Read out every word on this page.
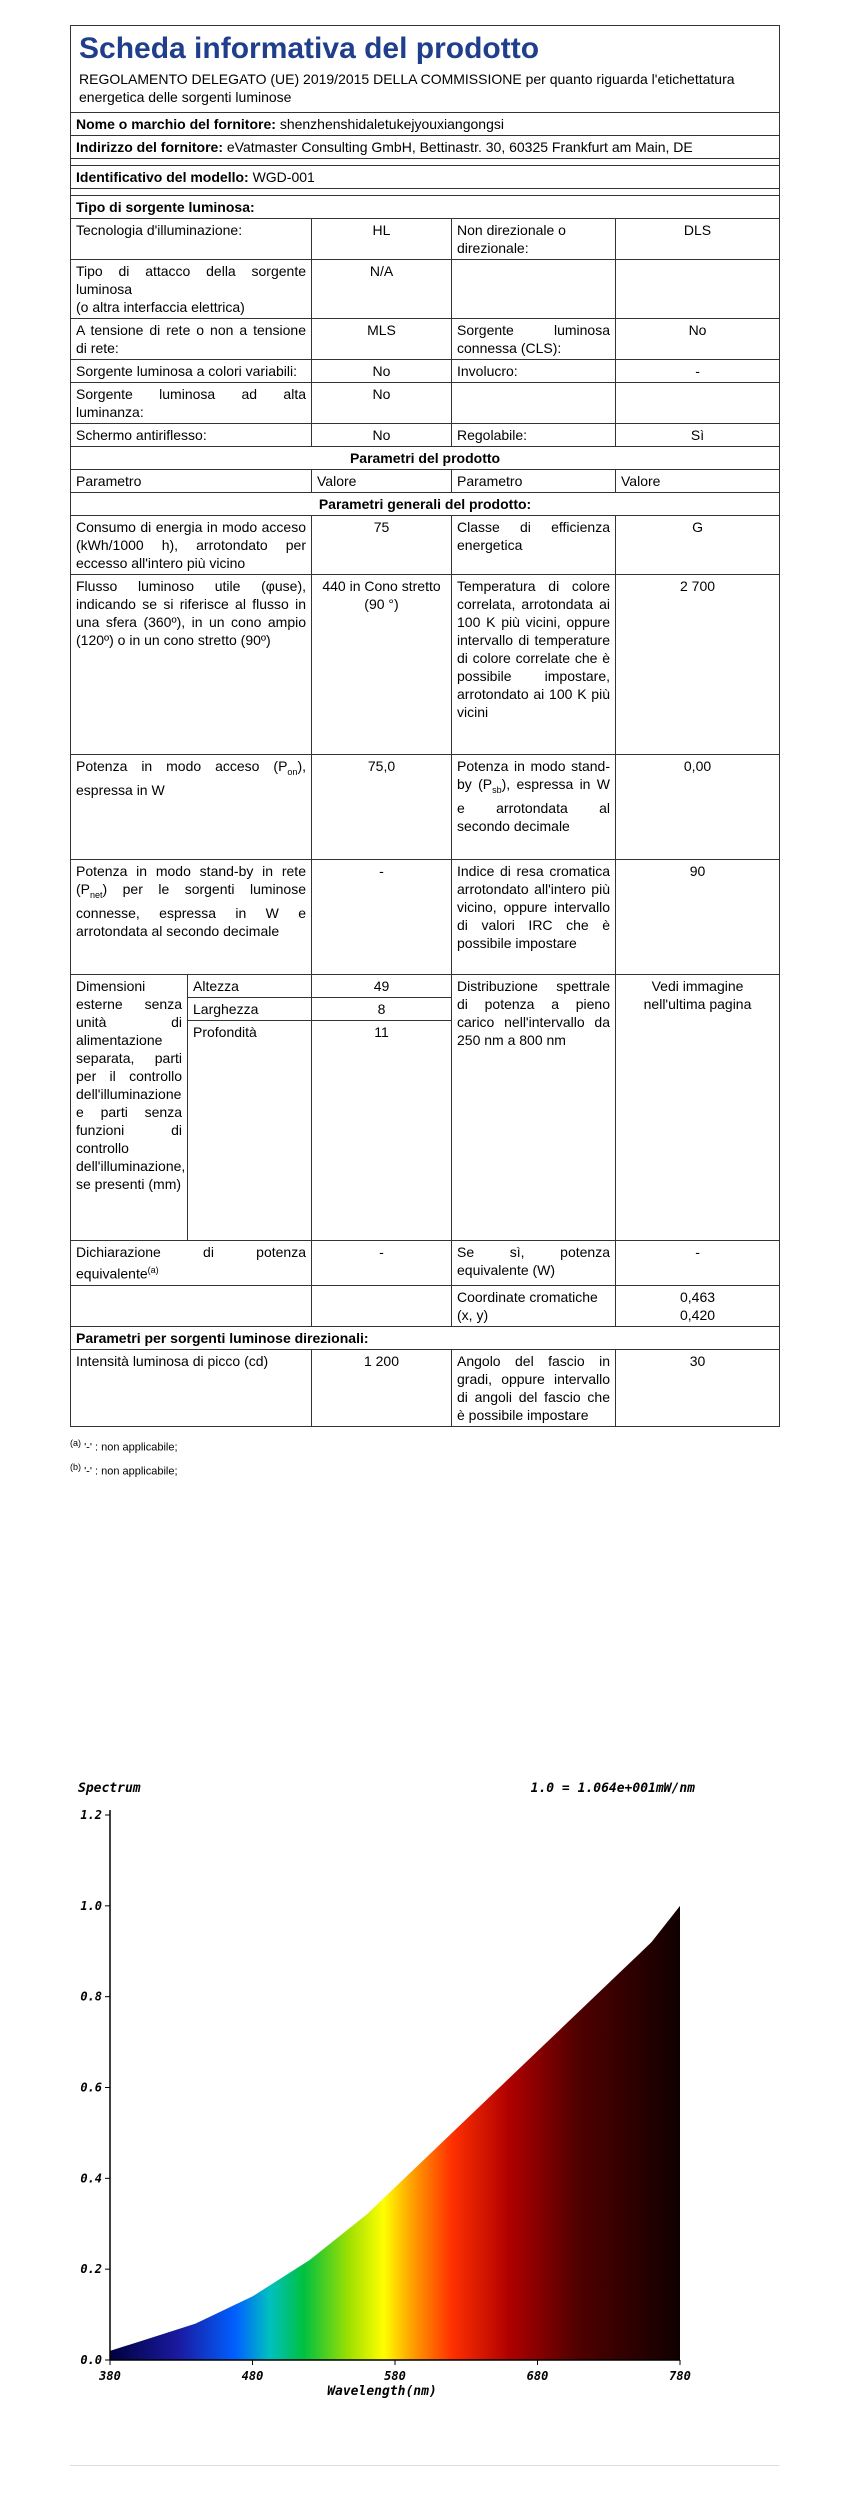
Scheda informativa del prodotto
REGOLAMENTO DELEGATO (UE) 2019/2015 DELLA COMMISSIONE per quanto riguarda l'etichettatura energetica delle sorgenti luminose				

Nome o marchio del fornitore: shenzhenshidaletukejyouxiangongsi				
Indirizzo del fornitore: eVatmaster Consulting GmbH, Bettinastr. 30, 60325 Frankfurt am Main, DE				

Identificativo del modello: WGD-001				

Tipo di sorgente luminosa:				
Tecnologia d'illuminazione:		HL	Non direzionale o direzionale:	DLS

Tipo di attacco della sorgente luminosa
(o altra interfaccia elettrica)		N/A		
A tensione di rete o non a tensione di rete:		MLS	Sorgente luminosa connessa (CLS):	No
Sorgente luminosa a colori variabili:		No	Involucro:	-
Sorgente luminosa ad alta luminanza:		No		
Schermo antiriflesso:		No	Regolabile:	Sì
Parametri del prodotto				
Parametro		Valore	Parametro	Valore
Parametri generali del prodotto:				
Consumo di energia in modo acceso (kWh/1000 h), arrotondato per eccesso all'intero più vicino		75	Classe di efficienza energetica	G
Flusso luminoso utile (φuse), indicando se si riferisce al flusso in una sfera (360º), in un cono ampio (120º) o in un cono stretto (90º)		440 in Cono stretto (90 °)	Temperatura di colore correlata, arrotondata ai 100 K più vicini, oppure intervallo di temperature di colore correlate che è possibile impostare, arrotondato ai 100 K più vicini	2 700
Potenza in modo acceso $(P_{on})$, espressa in W		75,0	Potenza in modo stand-by $(P_{sb})$, espressa in W e arrotondata al secondo decimale	0,00
Potenza in modo stand-by in rete $(P_{net})$ per le sorgenti luminose connesse, espressa in W e arrotondata al secondo decimale		-	Indice di resa cromatica arrotondato all'intero più vicino, oppure intervallo di valori IRC che è possibile impostare	90
Dimensioni esterne senza unità di alimentazione separata, parti per il controllo dell'illuminazione e parti senza funzioni di controllo dell'illuminazione, se presenti (mm)	Altezza	49	Distribuzione spettrale di potenza a pieno carico nell'intervallo da 250 nm a 800 nm	Vedi immagine nell'ultima pagina
	Larghezza	8		
	Profondità	11		
Dichiarazione di potenza equivalente$^{(a)}$		-	Se sì, potenza equivalente (W)	-
			Coordinate cromatiche (x, y)	0,463
0,420

Parametri per sorgenti luminose direzionali:				
Intensità luminosa di picco (cd)		1 200	Angolo del fascio in gradi, oppure intervallo di angoli del fascio che è possibile impostare	30
$^{(a)}$ '-' : non applicabile;
$^{(b)}$ '-' : non applicabile;
Spectrum	1.0 = 1.064e+001mW/nm
Wavelength(nm)
0.0
0.2
0.4
0.6
0.8
1.0
1.2
380	480	580	680	780
